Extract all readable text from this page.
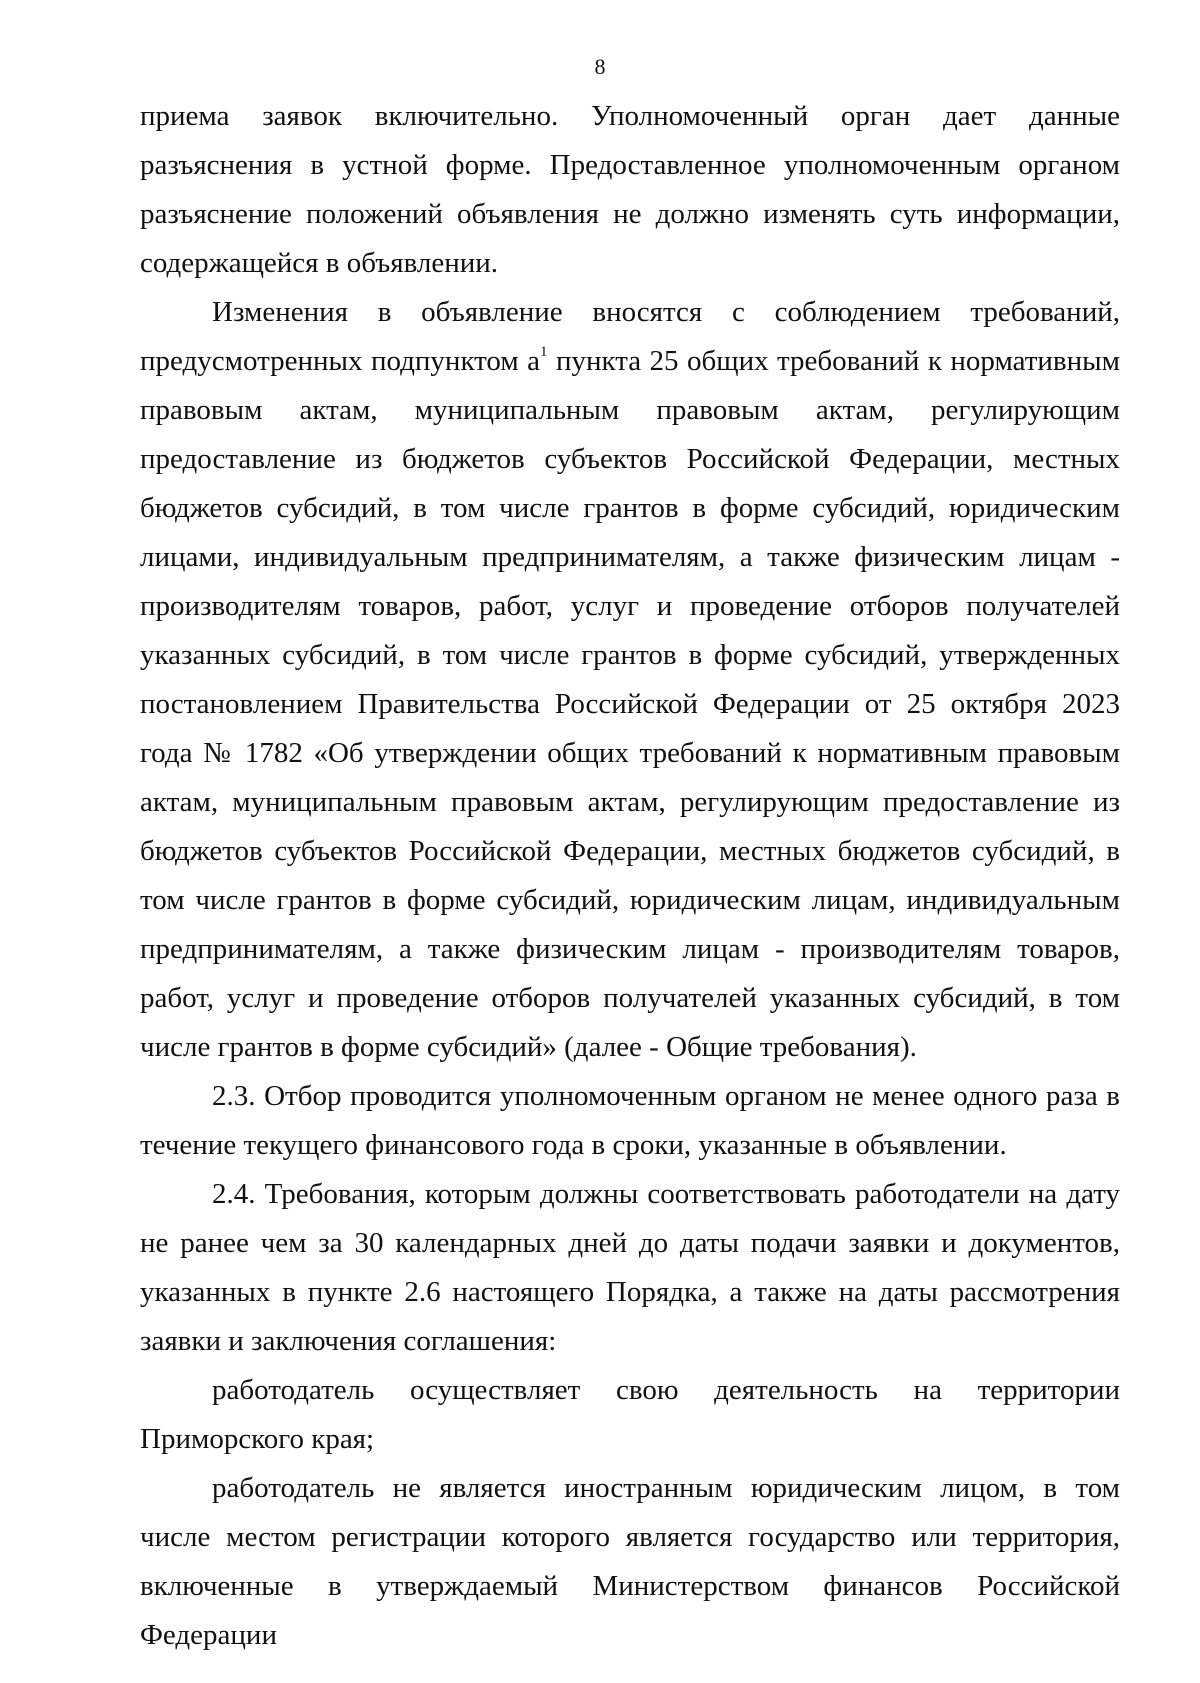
8

приема заявок включительно. Уполномоченный орган дает данные разъяснения в устной форме. Предоставленное уполномоченным органом разъяснение положений объявления не должно изменять суть информации, содержащейся в объявлении.

Изменения в объявление вносятся с соблюдением требований, предусмотренных подпунктом $а^1$ пункта 25 общих требований к нормативным правовым актам, муниципальным правовым актам, регулирующим предоставление из бюджетов субъектов Российской Федерации, местных бюджетов субсидий, в том числе грантов в форме субсидий, юридическим лицами, индивидуальным предпринимателям, а также физическим лицам - производителям товаров, работ, услуг и проведение отборов получателей указанных субсидий, в том числе грантов в форме субсидий, утвержденных постановлением Правительства Российской Федерации от 25 октября 2023 года № 1782 «Об утверждении общих требований к нормативным правовым актам, муниципальным правовым актам, регулирующим предоставление из бюджетов субъектов Российской Федерации, местных бюджетов субсидий, в том числе грантов в форме субсидий, юридическим лицам, индивидуальным предпринимателям, а также физическим лицам - производителям товаров, работ, услуг и проведение отборов получателей указанных субсидий, в том числе грантов в форме субсидий» (далее - Общие требования).

2.3. Отбор проводится уполномоченным органом не менее одного раза в течение текущего финансового года в сроки, указанные в объявлении.

2.4. Требования, которым должны соответствовать работодатели на дату не ранее чем за 30 календарных дней до даты подачи заявки и документов, указанных в пункте 2.6 настоящего Порядка, а также на даты рассмотрения заявки и заключения соглашения:

работодатель осуществляет свою деятельность на территории Приморского края;

работодатель не является иностранным юридическим лицом, в том числе местом регистрации которого является государство или территория, включенные в утверждаемый Министерством финансов Российской Федерации
